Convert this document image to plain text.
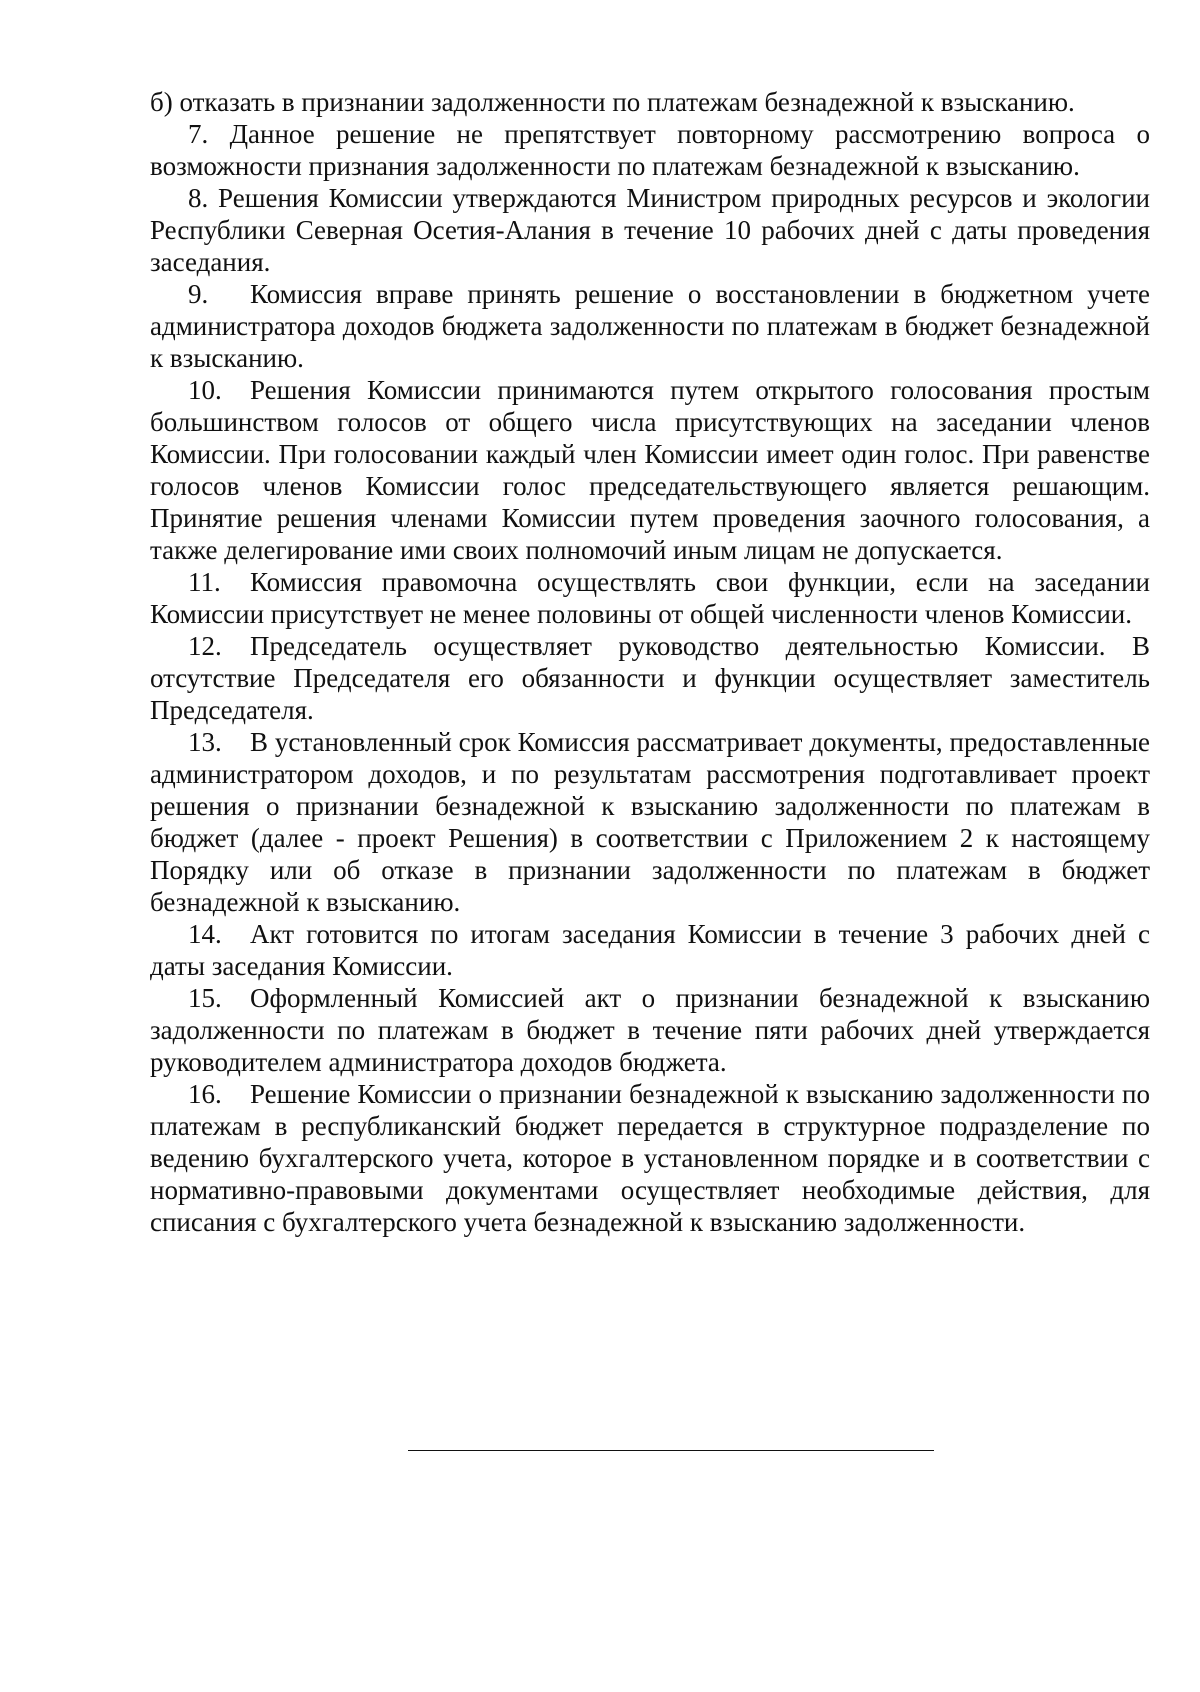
б) отказать в признании задолженности по платежам безнадежной к взысканию.

7. Данное решение не препятствует повторному рассмотрению вопроса о возможности признания задолженности по платежам безнадежной к взысканию.

8. Решения Комиссии утверждаются Министром природных ресурсов и экологии Республики Северная Осетия-Алания в течение 10 рабочих дней с даты проведения заседания.

9. Комиссия вправе принять решение о восстановлении в бюджетном учете администратора доходов бюджета задолженности по платежам в бюджет безнадежной к взысканию.

10. Решения Комиссии принимаются путем открытого голосования простым большинством голосов от общего числа присутствующих на заседании членов Комиссии. При голосовании каждый член Комиссии имеет один голос. При равенстве голосов членов Комиссии голос председательствующего является решающим. Принятие решения членами Комиссии путем проведения заочного голосования, а также делегирование ими своих полномочий иным лицам не допускается.

11. Комиссия правомочна осуществлять свои функции, если на заседании Комиссии присутствует не менее половины от общей численности членов Комиссии.

12. Председатель осуществляет руководство деятельностью Комиссии. В отсутствие Председателя его обязанности и функции осуществляет заместитель Председателя.

13. В установленный срок Комиссия рассматривает документы, предоставленные администратором доходов, и по результатам рассмотрения подготавливает проект решения о признании безнадежной к взысканию задолженности по платежам в бюджет (далее - проект Решения) в соответствии с Приложением 2 к настоящему Порядку или об отказе в признании задолженности по платежам в бюджет безнадежной к взысканию.

14. Акт готовится по итогам заседания Комиссии в течение 3 рабочих дней с даты заседания Комиссии.

15. Оформленный Комиссией акт о признании безнадежной к взысканию задолженности по платежам в бюджет в течение пяти рабочих дней утверждается руководителем администратора доходов бюджета.

16. Решение Комиссии о признании безнадежной к взысканию задолженности по платежам в республиканский бюджет передается в структурное подразделение по ведению бухгалтерского учета, которое в установленном порядке и в соответствии с нормативно-правовыми документами осуществляет необходимые действия, для списания с бухгалтерского учета безнадежной к взысканию задолженности.
